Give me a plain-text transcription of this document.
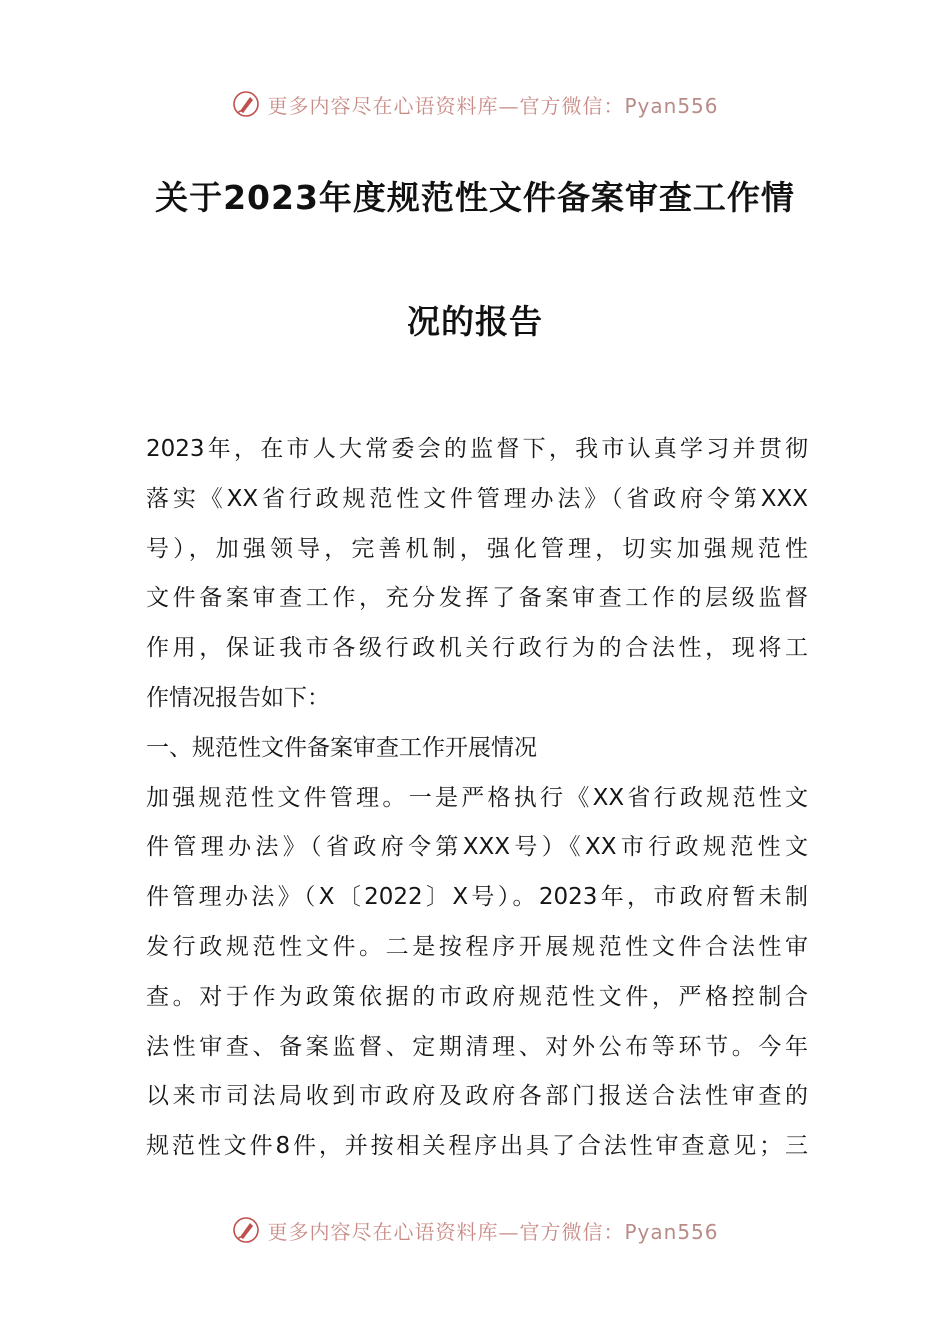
更多内容尽在心语资料库—官方微信：Pyan556
关于2023年度规范性文件备案审查工作情
况的报告
2023年，在市人大常委会的监督下，我市认真学习并贯彻
落实《XX省行政规范性文件管理办法》（省政府令第XXX
号），加强领导，完善机制，强化管理，切实加强规范性
文件备案审查工作，充分发挥了备案审查工作的层级监督
作用，保证我市各级行政机关行政行为的合法性，现将工
作情况报告如下：
一、规范性文件备案审查工作开展情况
加强规范性文件管理。一是严格执行《XX省行政规范性文
件管理办法》（省政府令第XXX号）《XX市行政规范性文
件管理办法》（X〔2022〕X号）。2023年，市政府暂未制
发行政规范性文件。二是按程序开展规范性文件合法性审
查。对于作为政策依据的市政府规范性文件，严格控制合
法性审查、备案监督、定期清理、对外公布等环节。今年
以来市司法局收到市政府及政府各部门报送合法性审查的
规范性文件8件，并按相关程序出具了合法性审查意见；三
更多内容尽在心语资料库—官方微信：Pyan556
